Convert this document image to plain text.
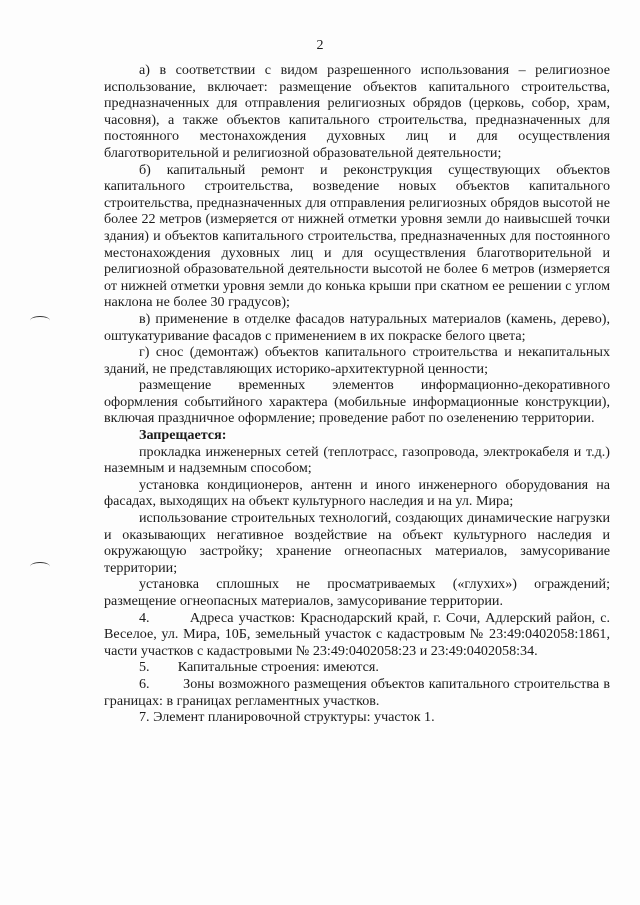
2

а) в соответствии с видом разрешенного использования – религиозное использование, включает: размещение объектов капитального строительства, предназначенных для отправления религиозных обрядов (церковь, собор, храм, часовня), а также объектов капитального строительства, предназначенных для постоянного местонахождения духовных лиц и для осуществления благотворительной и религиозной образовательной деятельности;

б) капитальный ремонт и реконструкция существующих объектов капитального строительства, возведение новых объектов капитального строительства, предназначенных для отправления религиозных обрядов высотой не более 22 метров (измеряется от нижней отметки уровня земли до наивысшей точки здания) и объектов капитального строительства, предназначенных для постоянного местонахождения духовных лиц и для осуществления благотворительной и религиозной образовательной деятельности высотой не более 6 метров (измеряется от нижней отметки уровня земли до конька крыши при скатном ее решении с углом наклона не более 30 градусов);

в) применение в отделке фасадов натуральных материалов (камень, дерево), оштукатуривание фасадов с применением в их покраске белого цвета;

г) снос (демонтаж) объектов капитального строительства и некапитальных зданий, не представляющих историко-архитектурной ценности;

размещение временных элементов информационно-декоративного оформления событийного характера (мобильные информационные конструкции), включая праздничное оформление; проведение работ по озеленению территории.

Запрещается:

прокладка инженерных сетей (теплотрасс, газопровода, электрокабеля и т.д.) наземным и надземным способом;

установка кондиционеров, антенн и иного инженерного оборудования на фасадах, выходящих на объект культурного наследия и на ул. Мира;

использование строительных технологий, создающих динамические нагрузки и оказывающих негативное воздействие на объект культурного наследия и окружающую застройку; хранение огнеопасных материалов, замусоривание территории;

установка сплошных не просматриваемых («глухих») ограждений; размещение огнеопасных материалов, замусоривание территории.

4.        Адреса участков: Краснодарский край, г. Сочи, Адлерский район, с. Веселое, ул. Мира, 10Б, земельный участок с кадастровым № 23:49:0402058:1861, части участков с кадастровыми № 23:49:0402058:23 и 23:49:0402058:34.

5.        Капитальные строения: имеются.

6.        Зоны возможного размещения объектов капитального строительства в границах: в границах регламентных участков.

7. Элемент планировочной структуры: участок 1.
